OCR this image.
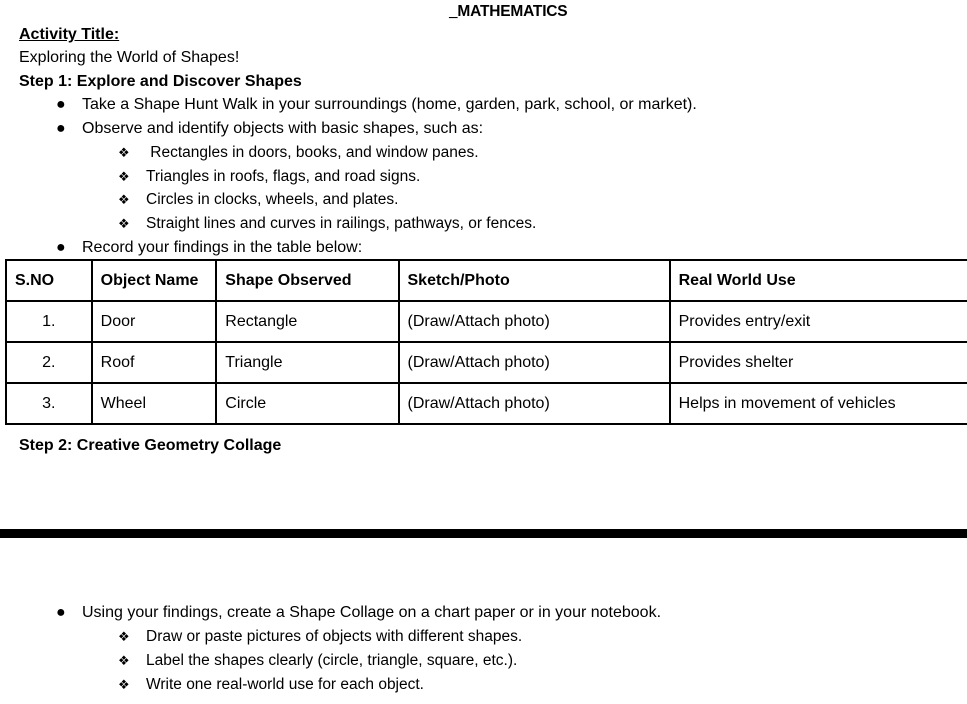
_MATHEMATICS
Activity Title:
Exploring the World of Shapes!
Step 1: Explore and Discover Shapes
● Take a Shape Hunt Walk in your surroundings (home, garden, park, school, or market).
● Observe and identify objects with basic shapes, such as:
❖ Rectangles in doors, books, and window panes.
❖ Triangles in roofs, flags, and road signs.
❖ Circles in clocks, wheels, and plates.
❖ Straight lines and curves in railings, pathways, or fences.
● Record your findings in the table below:
S.NO	Object Name	Shape Observed	Sketch/Photo	Real World Use
1.	Door	Rectangle	(Draw/Attach photo)	Provides entry/exit
2.	Roof	Triangle	(Draw/Attach photo)	Provides shelter
3.	Wheel	Circle	(Draw/Attach photo)	Helps in movement of vehicles
Step 2: Creative Geometry Collage
● Using your findings, create a Shape Collage on a chart paper or in your notebook.
❖ Draw or paste pictures of objects with different shapes.
❖ Label the shapes clearly (circle, triangle, square, etc.).
❖ Write one real-world use for each object.
